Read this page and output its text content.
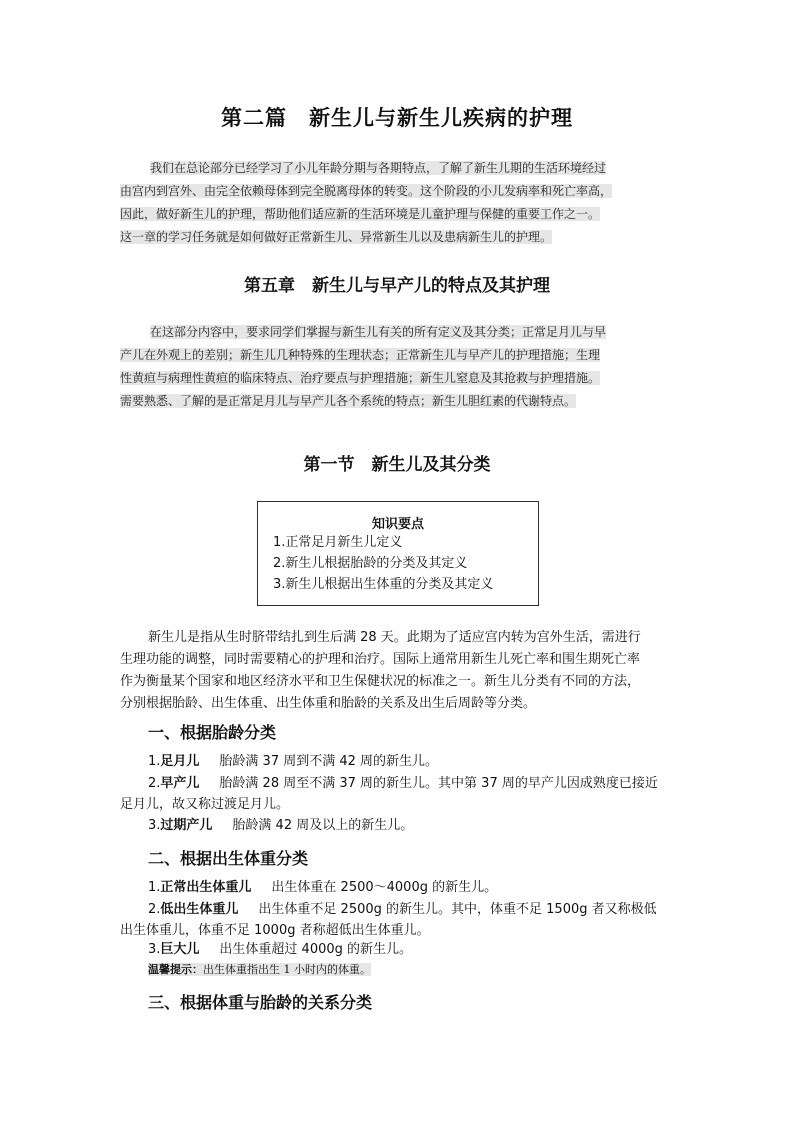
第二篇　新生儿与新生儿疾病的护理
我们在总论部分已经学习了小儿年龄分期与各期特点，了解了新生儿期的生活环境经过
由宫内到宫外、由完全依赖母体到完全脱离母体的转变。这个阶段的小儿发病率和死亡率高，
因此，做好新生儿的护理，帮助他们适应新的生活环境是儿童护理与保健的重要工作之一。
这一章的学习任务就是如何做好正常新生儿、异常新生儿以及患病新生儿的护理。
第五章　新生儿与早产儿的特点及其护理
在这部分内容中，要求同学们掌握与新生儿有关的所有定义及其分类；正常足月儿与早
产儿在外观上的差别；新生儿几种特殊的生理状态；正常新生儿与早产儿的护理措施；生理
性黄疸与病理性黄疸的临床特点、治疗要点与护理措施；新生儿窒息及其抢救与护理措施。
需要熟悉、了解的是正常足月儿与早产儿各个系统的特点；新生儿胆红素的代谢特点。
第一节　新生儿及其分类
知识要点
1.正常足月新生儿定义
2.新生儿根据胎龄的分类及其定义
3.新生儿根据出生体重的分类及其定义
新生儿是指从生时脐带结扎到生后满 28 天。此期为了适应宫内转为宫外生活，需进行
生理功能的调整，同时需要精心的护理和治疗。国际上通常用新生儿死亡率和围生期死亡率
作为衡量某个国家和地区经济水平和卫生保健状况的标准之一。新生儿分类有不同的方法，
分别根据胎龄、出生体重、出生体重和胎龄的关系及出生后周龄等分类。
一、根据胎龄分类
1.足月儿 胎龄满 37 周到不满 42 周的新生儿。
2.早产儿 胎龄满 28 周至不满 37 周的新生儿。其中第 37 周的早产儿因成熟度已接近
足月儿，故又称过渡足月儿。
3.过期产儿 胎龄满 42 周及以上的新生儿。
二、根据出生体重分类
1.正常出生体重儿 出生体重在 2500～4000g 的新生儿。
2.低出生体重儿 出生体重不足 2500g 的新生儿。其中，体重不足 1500g 者又称极低
出生体重儿，体重不足 1000g 者称超低出生体重儿。
3.巨大儿 出生体重超过 4000g 的新生儿。
温馨提示：出生体重指出生 1 小时内的体重。
三、根据体重与胎龄的关系分类
